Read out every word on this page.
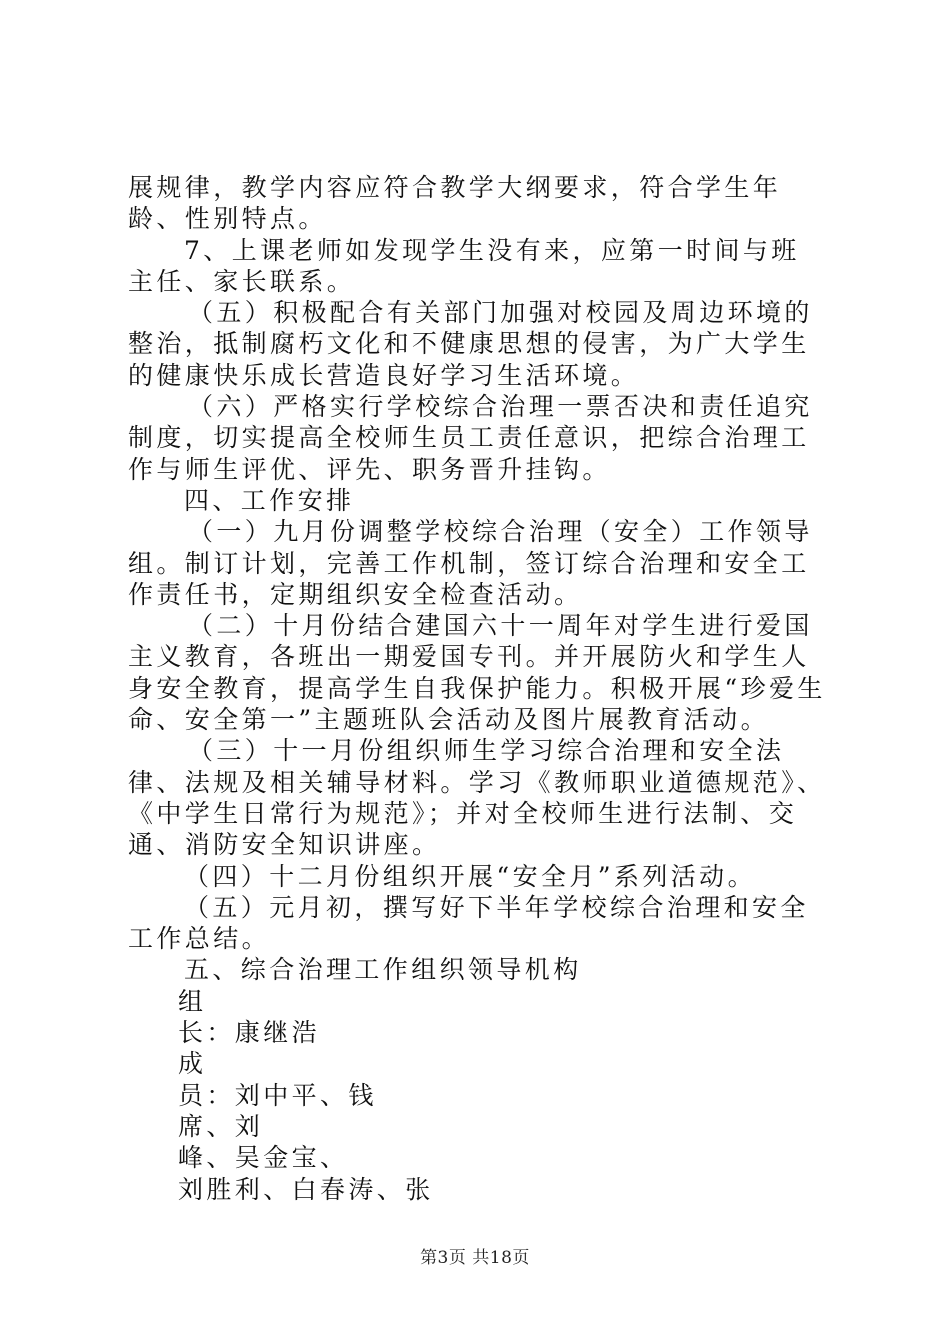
展规律，教学内容应符合教学大纲要求，符合学生年龄、性别特点。

7、上课老师如发现学生没有来，应第一时间与班主任、家长联系。

（五）积极配合有关部门加强对校园及周边环境的整治，抵制腐朽文化和不健康思想的侵害，为广大学生的健康快乐成长营造良好学习生活环境。

（六）严格实行学校综合治理一票否决和责任追究制度，切实提高全校师生员工责任意识，把综合治理工作与师生评优、评先、职务晋升挂钩。

四、工作安排

（一）九月份调整学校综合治理（安全）工作领导组。制订计划，完善工作机制，签订综合治理和安全工作责任书，定期组织安全检查活动。

（二）十月份结合建国六十一周年对学生进行爱国主义教育，各班出一期爱国专刊。并开展防火和学生人身安全教育，提高学生自我保护能力。积极开展“珍爱生命、安全第一”主题班队会活动及图片展教育活动。

（三）十一月份组织师生学习综合治理和安全法律、法规及相关辅导材料。学习《教师职业道德规范》、《中学生日常行为规范》；并对全校师生进行法制、交通、消防安全知识讲座。

（四）十二月份组织开展“安全月”系列活动。

（五）元月初，撰写好下半年学校综合治理和安全工作总结。

五、综合治理工作组织领导机构

组

长：康继浩

成

员：刘中平、钱

席、刘

峰、吴金宝、

刘胜利、白春涛、张

第3页 共18页
